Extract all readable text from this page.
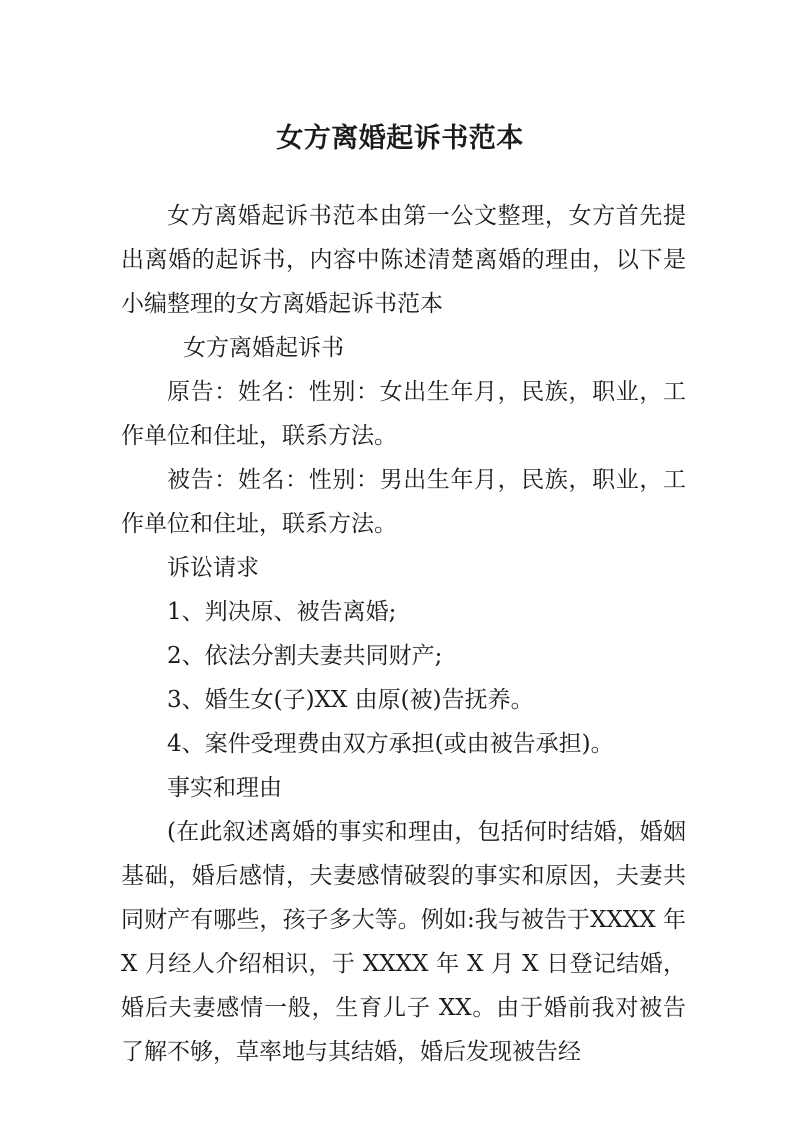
女方离婚起诉书范本

女方离婚起诉书范本由第一公文整理，女方首先提出离婚的起诉书，内容中陈述清楚离婚的理由，以下是小编整理的女方离婚起诉书范本

女方离婚起诉书

原告：姓名：性别：女出生年月，民族，职业，工作单位和住址，联系方法。

被告：姓名：性别：男出生年月，民族，职业，工作单位和住址，联系方法。

诉讼请求

1、判决原、被告离婚;

2、依法分割夫妻共同财产;

3、婚生女(子)XX 由原(被)告抚养。

4、案件受理费由双方承担(或由被告承担)。

事实和理由

(在此叙述离婚的事实和理由，包括何时结婚，婚姻基础，婚后感情，夫妻感情破裂的事实和原因，夫妻共同财产有哪些，孩子多大等。例如:我与被告于XXXX 年 X 月经人介绍相识，于 XXXX 年 X 月 X 日登记结婚，婚后夫妻感情一般，生育儿子 XX。由于婚前我对被告了解不够，草率地与其结婚，婚后发现被告经
